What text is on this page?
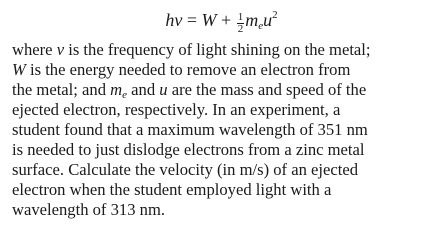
$h\nu = W + \frac{1}{2} m_eu^2$
where ν is the frequency of light shining on the metal;
W is the energy needed to remove an electron from
the metal; and me and u are the mass and speed of the
ejected electron, respectively. In an experiment, a
student found that a maximum wavelength of 351 nm
is needed to just dislodge electrons from a zinc metal
surface. Calculate the velocity (in m/s) of an ejected
electron when the student employed light with a
wavelength of 313 nm.
